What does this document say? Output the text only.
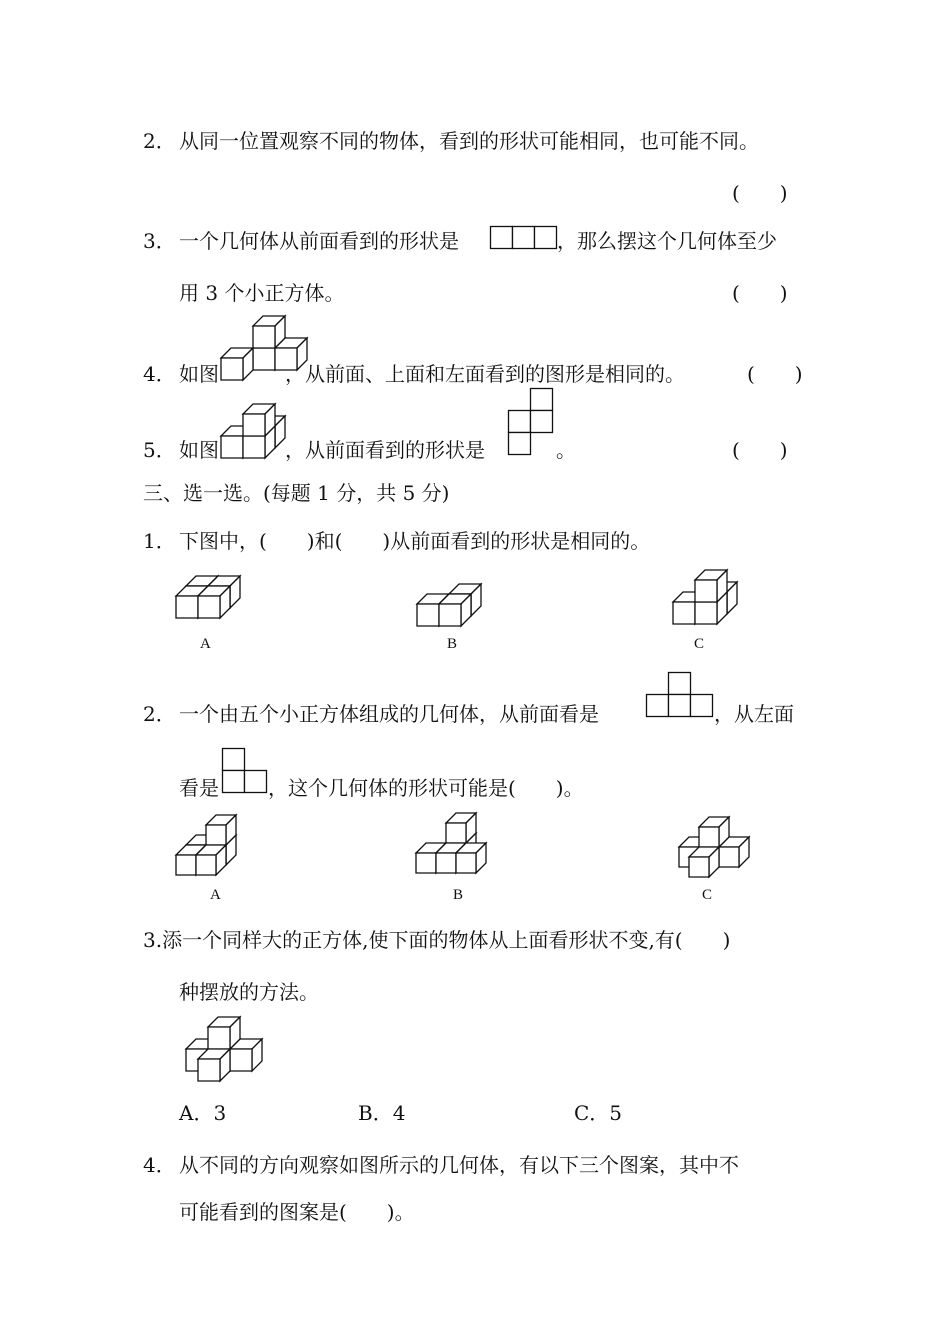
2． 从同一位置观察不同的物体，看到的形状可能相同，也可能不同。
(　　)
3． 一个几何体从前面看到的形状是	，那么摆这个几何体至少
用 3 个小正方体。	(　　)
4． 如图	，从前面、上面和左面看到的图形是相同的。	(　　)
5． 如图	，从前面看到的形状是	。	(　　)
三、选一选。(每题 1 分，共 5 分)
1． 下图中，(　　)和(　　)从前面看到的形状是相同的。
A	B	C
2． 一个由五个小正方体组成的几何体，从前面看是	，从左面
看是 ，这个几何体的形状可能是(　　)。
A	B	C
3.添一个同样大的正方体,使下面的物体从上面看形状不变,有(　　)
种摆放的方法。
A．3	B．4	C．5
4． 从不同的方向观察如图所示的几何体，有以下三个图案，其中不
可能看到的图案是(　　)。
